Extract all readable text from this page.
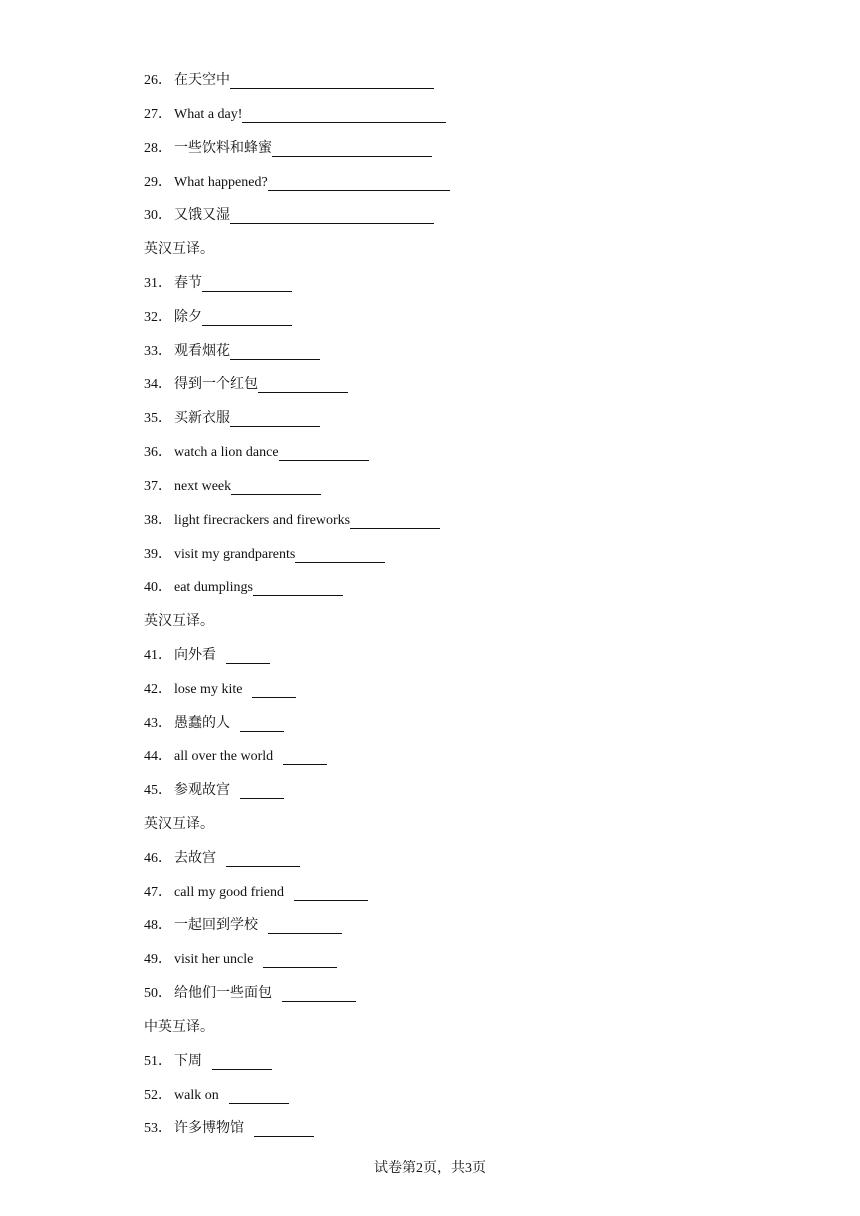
26 ． 在天空中
27 ． What a day!
28 ． 一些饮料和蜂蜜
29 ． What happened?
30 ． 又饿又湿
英汉互译。
31 ． 春节
32 ． 除夕
33 ． 观看烟花
34 ． 得到一个红包
35 ． 买新衣服
36 ． watch a lion dance
37 ． next week
38 ． light firecrackers and fireworks
39 ． visit my grandparents
40 ． eat dumplings
英汉互译。
41 ． 向外看
42 ． lose my kite
43 ． 愚蠢的人
44 ． all over the world
45 ． 参观故宫
英汉互译。
46 ． 去故宫
47 ． call my good friend
48 ． 一起回到学校
49 ． visit her uncle
50 ． 给他们一些面包
中英互译。
51 ． 下周
52 ． walk on
53 ． 许多博物馆
试卷第2页，共3页
